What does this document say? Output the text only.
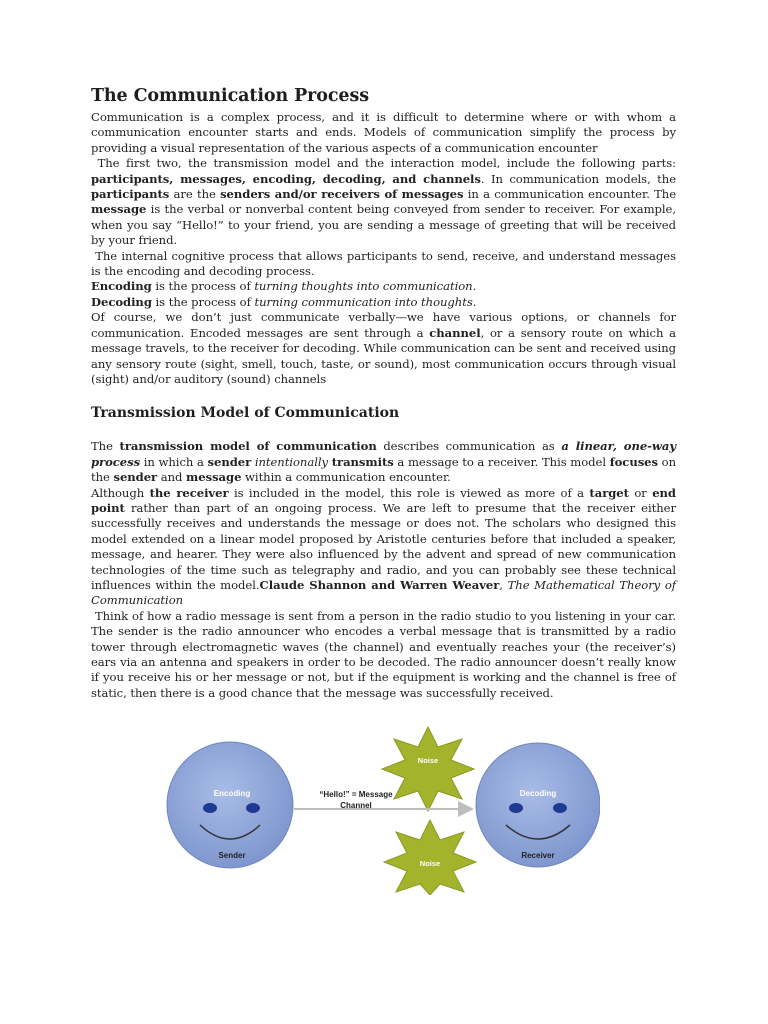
The Communication Process

Communication is a complex process, and it is difficult to determine where or with whom a communication encounter starts and ends. Models of communication simplify the process by providing a visual representation of the various aspects of a communication encounter

The first two, the transmission model and the interaction model, include the following parts: participants, messages, encoding, decoding, and channels. In communication models, the participants are the senders and/or receivers of messages in a communication encounter. The message is the verbal or nonverbal content being conveyed from sender to receiver. For example, when you say “Hello!” to your friend, you are sending a message of greeting that will be received by your friend.

The internal cognitive process that allows participants to send, receive, and understand messages is the encoding and decoding process.

Encoding is the process of turning thoughts into communication.

Decoding is the process of turning communication into thoughts.

Of course, we don’t just communicate verbally—we have various options, or channels for communication. Encoded messages are sent through a channel, or a sensory route on which a message travels, to the receiver for decoding. While communication can be sent and received using any sensory route (sight, smell, touch, taste, or sound), most communication occurs through visual (sight) and/or auditory (sound) channels

Transmission Model of Communication

The transmission model of communication describes communication as a linear, one-way process in which a sender intentionally transmits a message to a receiver. This model focuses on the sender and message within a communication encounter.

Although the receiver is included in the model, this role is viewed as more of a target or end point rather than part of an ongoing process. We are left to presume that the receiver either successfully receives and understands the message or does not. The scholars who designed this model extended on a linear model proposed by Aristotle centuries before that included a speaker, message, and hearer. They were also influenced by the advent and spread of new communication technologies of the time such as telegraphy and radio, and you can probably see these technical influences within the model.Claude Shannon and Warren Weaver, The Mathematical Theory of Communication

Think of how a radio message is sent from a person in the radio studio to you listening in your car. The sender is the radio announcer who encodes a verbal message that is transmitted by a radio tower through electromagnetic waves (the channel) and eventually reaches your (the receiver’s) ears via an antenna and speakers in order to be decoded. The radio announcer doesn’t really know if you receive his or her message or not, but if the equipment is working and the channel is free of static, then there is a good chance that the message was successfully received.

Noise
Noise
Encoding
Sender
“Hello!” = Message
Channel
Decoding
Receiver
